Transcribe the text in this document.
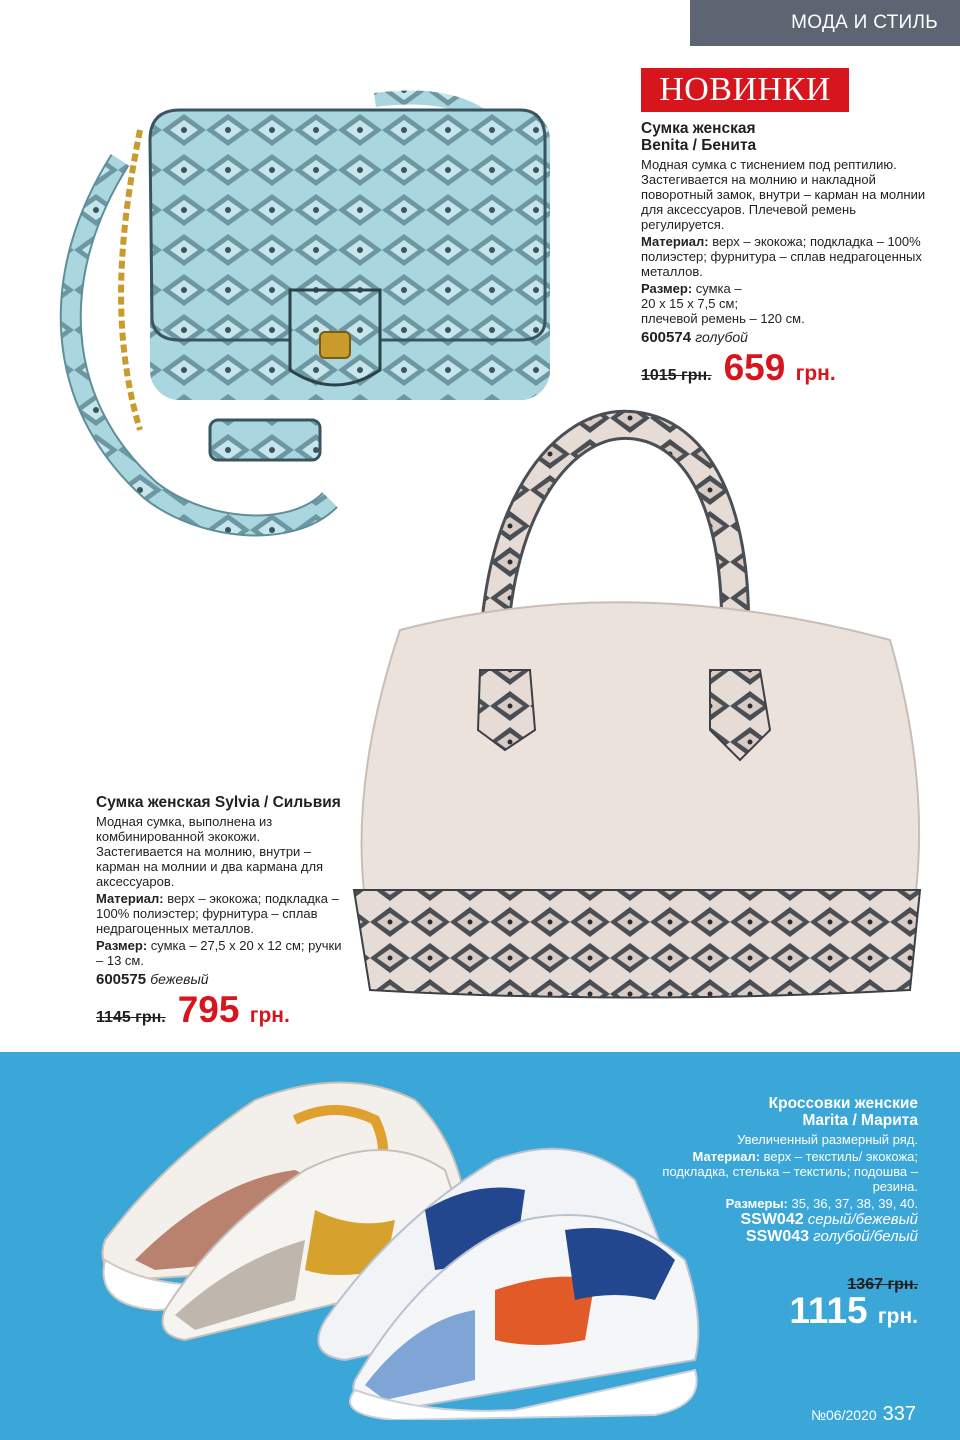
МОДА И СТИЛЬ
НОВИНКИ
Сумка женская
Benita / Бенита
Модная сумка с тиснением под рептилию. Застегивается на молнию и накладной поворотный замок, внутри – карман на молнии для аксессуаров. Плечевой ремень регулируется.
Материал: верх – экокожа; подкладка – 100% полиэстер; фурнитура – сплав недрагоценных металлов.
Размер: сумка –
20 х 15 х 7,5 см;
плечевой ремень – 120 см.
600574 голубой
1015 грн. 659 грн.
Сумка женская Sylvia / Сильвия
Модная сумка, выполнена из комбинированной экокожи. Застегивается на молнию, внутри – карман на молнии и два кармана для аксессуаров.
Материал: верх – экокожа; подкладка – 100% полиэстер; фурнитура – сплав недрагоценных металлов.
Размер: сумка – 27,5 х 20 х 12 см; ручки – 13 см.
600575 бежевый
1145 грн. 795 грн.
Кроссовки женские
Marita / Марита
Увеличенный размерный ряд.
Материал: верх – текстиль/ экокожа; подкладка, стелька – текстиль; подошва – резина.
Размеры: 35, 36, 37, 38, 39, 40.
SSW042 серый/бежевый
SSW043 голубой/белый
1367 грн.
1115 грн.
№06/2020 337
